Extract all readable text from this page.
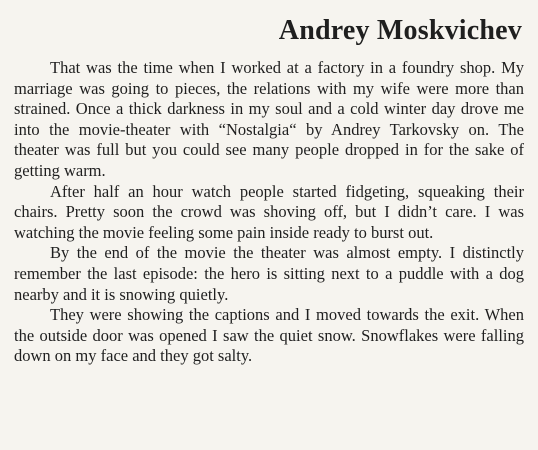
Andrey Moskvichev

That was the time when I worked at a factory in a foundry shop. My marriage was going to pieces, the relations with my wife were more than strained. Once a thick darkness in my soul and a cold winter day drove me into the movie-theater with “Nostalgia“ by Andrey Tarkovsky on. The theater was full but you could see many people dropped in for the sake of getting warm.

After half an hour watch people started fidgeting, squeaking their chairs. Pretty soon the crowd was shoving off, but I didn’t care. I was watching the movie feeling some pain inside ready to burst out.

By the end of the movie the theater was almost empty. I distinctly remember the last episode: the hero is sitting next to a puddle with a dog nearby and it is snowing quietly.

They were showing the captions and I moved towards the exit. When the outside door was opened I saw the quiet snow. Snowflakes were falling down on my face and they got salty.
